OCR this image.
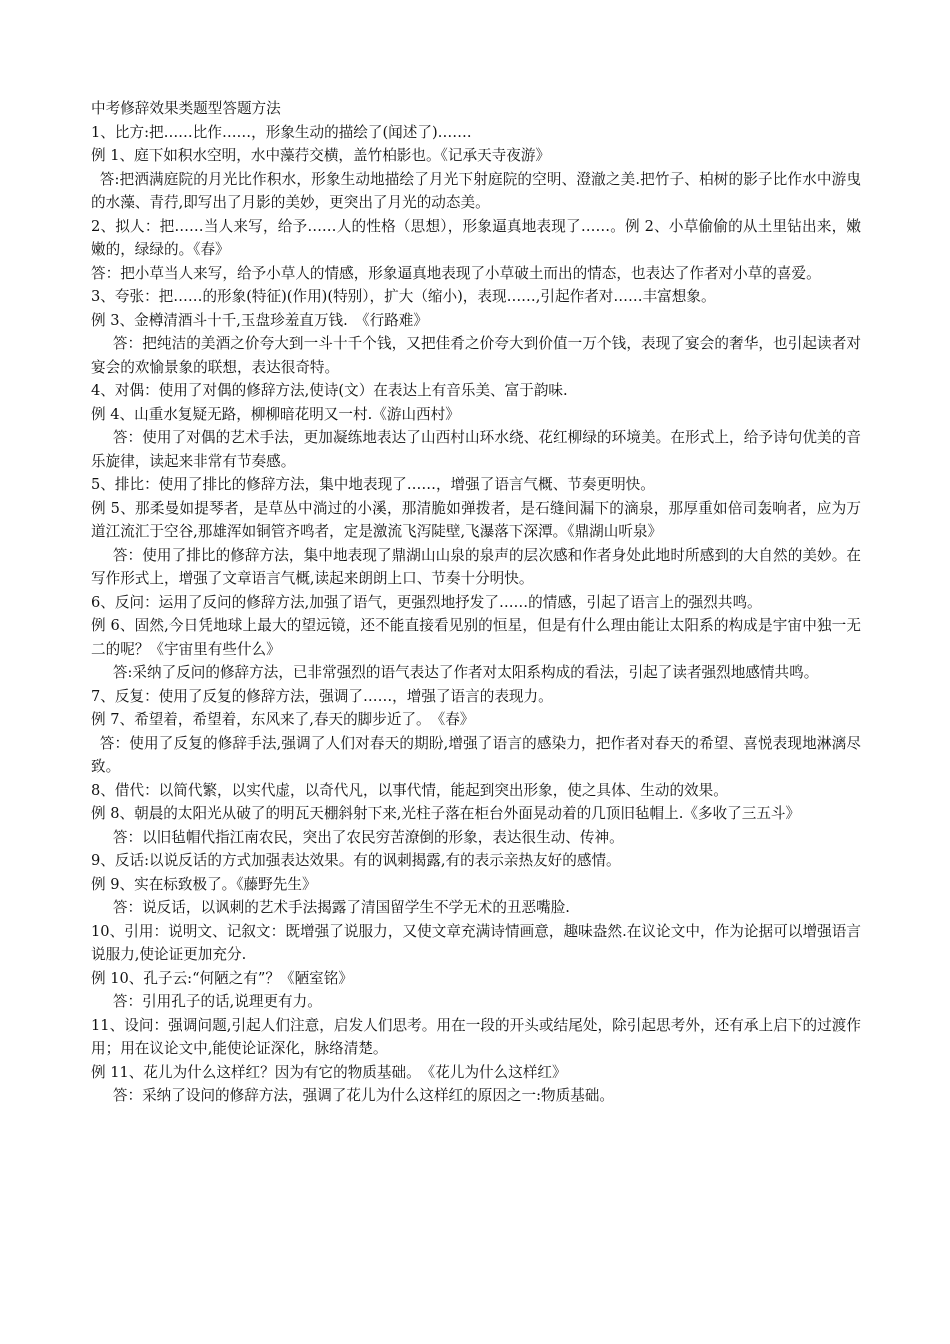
中考修辞效果类题型答题方法

1、比方:把……比作……，形象生动的描绘了(闻述了)…….

例 1、庭下如积水空明，水中藻荇交横，盖竹柏影也。《记承天寺夜游》

答:把洒满庭院的月光比作积水，形象生动地描绘了月光下射庭院的空明、澄澈之美.把竹子、柏树的影子比作水中游曳的水藻、青荇,即写出了月影的美妙，更突出了月光的动态美。

2、拟人：把……当人来写，给予……人的性格（思想），形象逼真地表现了……。例 2、小草偷偷的从土里钻出来，嫩嫩的，绿绿的。《春》

答：把小草当人来写，给予小草人的情感，形象逼真地表现了小草破土而出的情态，也表达了作者对小草的喜爱。

3、夸张：把……的形象(特征)(作用)(特别），扩大（缩小)，表现……,引起作者对……丰富想象。

例 3、金樽清酒斗十千,玉盘珍羞直万钱.　《行路难》

答：把纯洁的美酒之价夸大到一斗十千个钱，又把佳肴之价夸大到价值一万个钱，表现了宴会的奢华，也引起读者对宴会的欢愉景象的联想，表达很奇特。

4、对偶：使用了对偶的修辞方法,使诗(文）在表达上有音乐美、富于韵味.

例 4、山重水复疑无路，柳柳暗花明又一村.《游山西村》

答：使用了对偶的艺术手法，更加凝练地表达了山西村山环水绕、花红柳绿的环境美。在形式上，给予诗句优美的音乐旋律，读起来非常有节奏感。

5、排比：使用了排比的修辞方法，集中地表现了……，增强了语言气概、节奏更明快。

例 5、那柔曼如提琴者，是草丛中淌过的小溪，那清脆如弹拨者，是石缝间漏下的滴泉，那厚重如倍司轰响者，应为万道江流汇于空谷,那雄浑如铜管齐鸣者，定是激流飞泻陡壁,飞瀑落下深潭。《鼎湖山听泉》

答：使用了排比的修辞方法，集中地表现了鼎湖山山泉的泉声的层次感和作者身处此地时所感到的大自然的美妙。在写作形式上，增强了文章语言气概,读起来朗朗上口、节奏十分明快。

6、反问：运用了反问的修辞方法,加强了语气，更强烈地抒发了……的情感，引起了语言上的强烈共鸣。

例 6、固然,今日凭地球上最大的望远镜，还不能直接看见别的恒星，但是有什么理由能让太阳系的构成是宇宙中独一无二的呢？《宇宙里有些什么》

答:采纳了反问的修辞方法，已非常强烈的语气表达了作者对太阳系构成的看法，引起了读者强烈地感情共鸣。

7、反复：使用了反复的修辞方法，强调了……，增强了语言的表现力。

例 7、希望着，希望着，东风来了,春天的脚步近了。　《春》

答：使用了反复的修辞手法,强调了人们对春天的期盼,增强了语言的感染力，把作者对春天的希望、喜悦表现地淋漓尽致。

8、借代：以简代繁，以实代虚，以奇代凡，以事代情，能起到突出形象，使之具体、生动的效果。

例 8、朝晨的太阳光从破了的明瓦天棚斜射下来,光柱子落在柜台外面晃动着的几顶旧毡帽上.《多收了三五斗》

答：以旧毡帽代指江南农民，突出了农民穷苦潦倒的形象，表达很生动、传神。

9、反话:以说反话的方式加强表达效果。有的讽刺揭露,有的表示亲热友好的感情。

例 9、实在标致极了。《藤野先生》

答：说反话，以讽刺的艺术手法揭露了清国留学生不学无术的丑恶嘴脸.

10、引用：说明文、记叙文：既增强了说服力，又使文章充满诗情画意，趣味盎然.在议论文中，作为论据可以增强语言说服力,使论证更加充分.

例 10、孔子云:“何陋之有”？《陋室铭》

答：引用孔子的话,说理更有力。

11、设问：强调问题,引起人们注意，启发人们思考。用在一段的开头或结尾处，除引起思考外，还有承上启下的过渡作用；用在议论文中,能使论证深化，脉络清楚。

例 11、花儿为什么这样红？因为有它的物质基础。　《花儿为什么这样红》

答：采纳了设问的修辞方法，强调了花儿为什么这样红的原因之一:物质基础。
